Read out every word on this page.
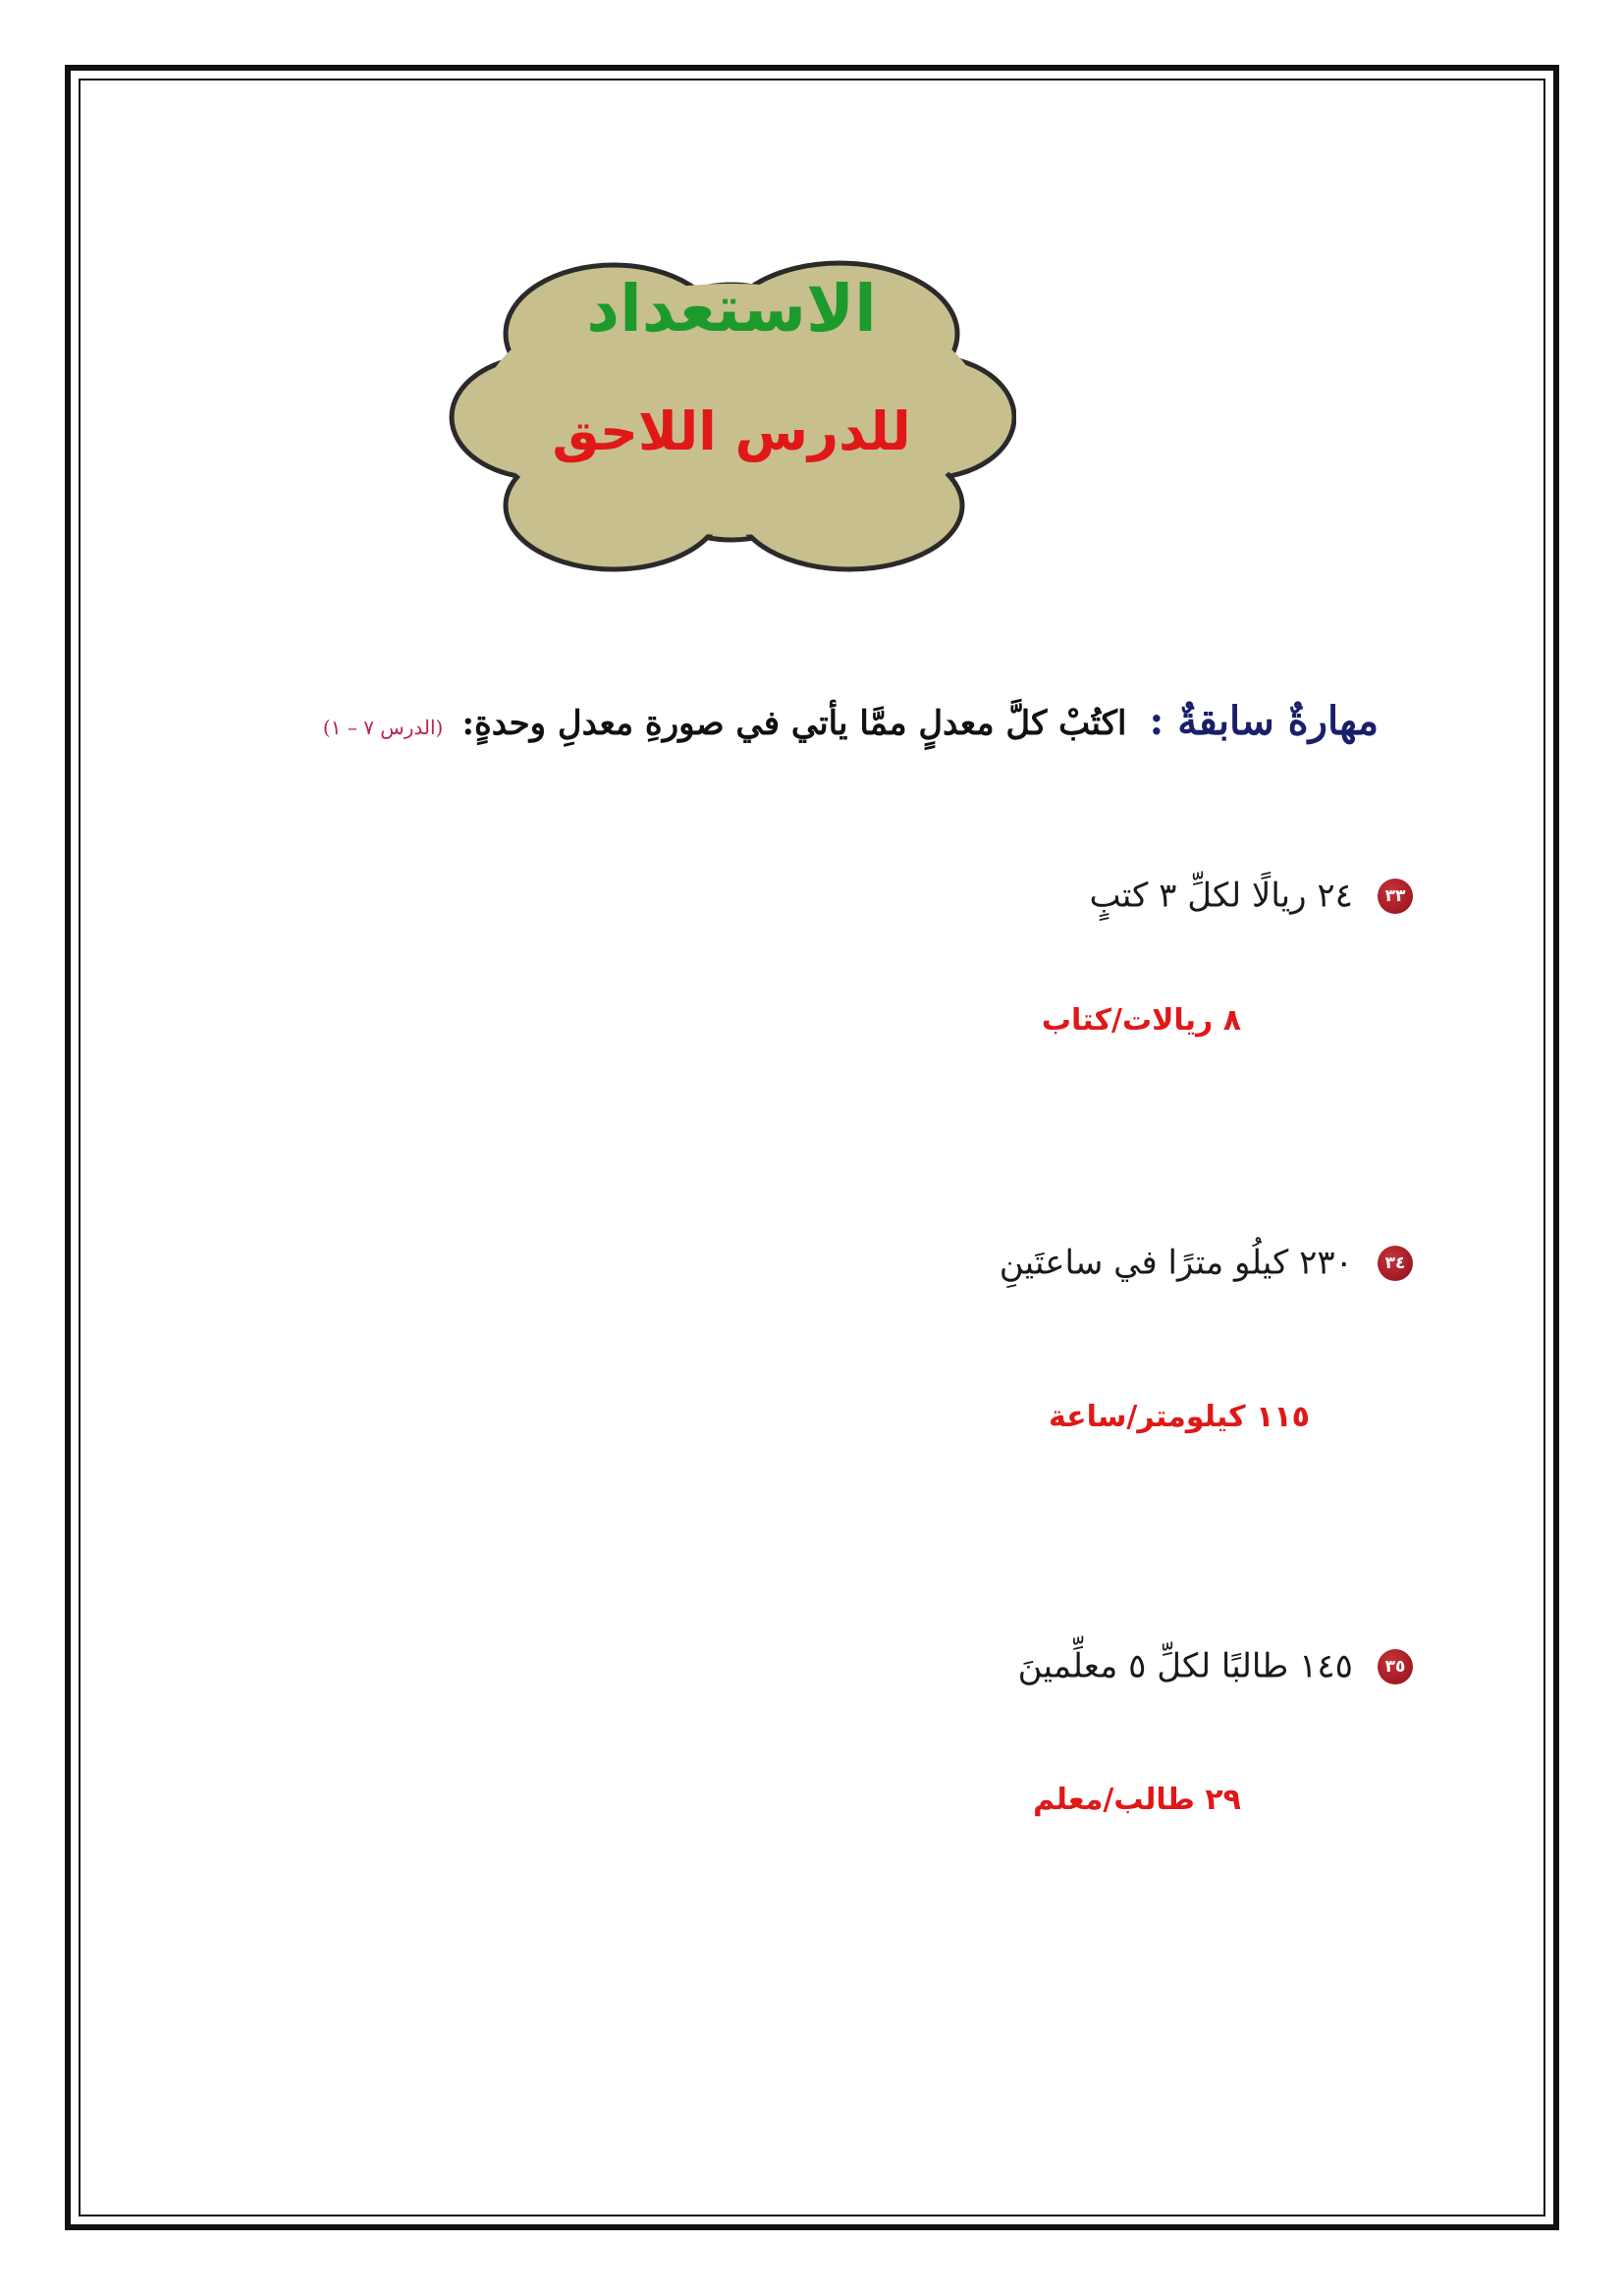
الاستعداد
للدرس اللاحق
مهارةٌ سابقةٌ : اكتُبْ كلَّ معدلٍ ممَّا يأتي في صورةِ معدلِ وحدةٍ: (الدرس ٧ – ١)
٣٣ ٢٤ ريالًا لكلِّ ٣ كتبٍ
٨ ريالات/كتاب
٣٤ ٢٣٠ كيلُو مترًا في ساعتَينِ
١١٥ كيلومتر/ساعة
٣٥ ١٤٥ طالبًا لكلِّ ٥ معلِّمينَ
٢٩ طالب/معلم
